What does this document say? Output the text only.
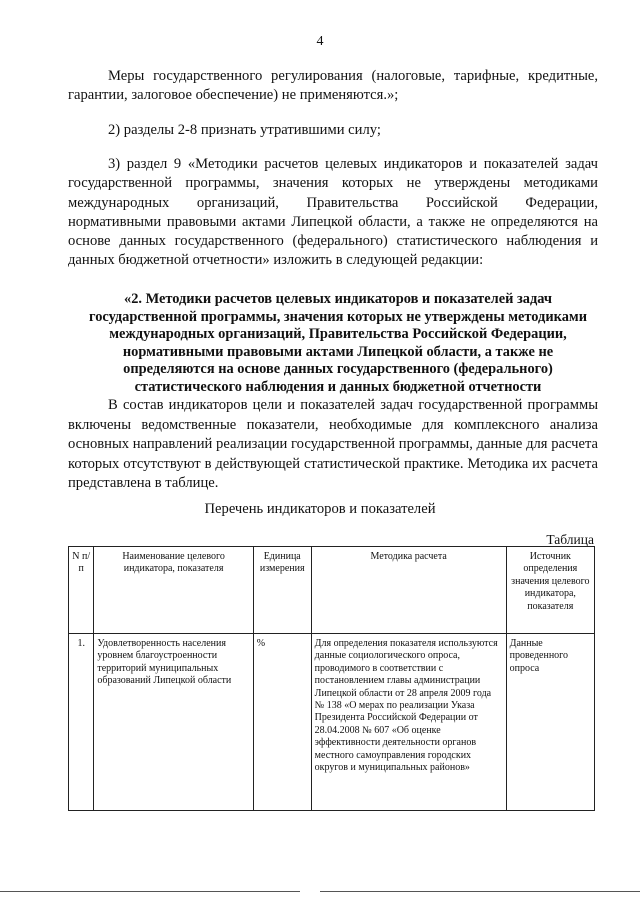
4
Меры государственного регулирования (налоговые, тарифные, кредитные, гарантии, залоговое обеспечение) не применяются.»;
2) разделы 2-8 признать утратившими силу;
3) раздел 9 «Методики расчетов целевых индикаторов и показателей задач государственной программы, значения которых не утверждены методиками международных организаций, Правительства Российской Федерации, нормативными правовыми актами Липецкой области, а также не определяются на основе данных государственного (федерального) статистического наблюдения и данных бюджетной отчетности» изложить в следующей редакции:
«2. Методики расчетов целевых индикаторов и показателей задач государственной программы, значения которых не утверждены методиками международных организаций, Правительства Российской Федерации, нормативными правовыми актами Липецкой области, а также не определяются на основе данных государственного (федерального) статистического наблюдения и данных бюджетной отчетности
В состав индикаторов цели и показателей задач государственной программы включены ведомственные показатели, необходимые для комплексного анализа основных направлений реализации государственной программы, данные для расчета которых отсутствуют в действующей статистической практике. Методика их расчета представлена в таблице.
Перечень индикаторов и показателей
Таблица
N п/п	Наименование целевого индикатора, показателя	Единица измерения	Методика расчета	Источник определения значения целевого индикатора, показателя
1.	Удовлетворенность населения уровнем благоустроенности территорий муниципальных образований Липецкой области	%	Для определения показателя используются данные социологического опроса, проводимого в соответствии с постановлением главы администрации Липецкой области от 28 апреля 2009 года № 138 «О мерах по реализации Указа Президента Российской Федерации от 28.04.2008 № 607 «Об оценке эффективности деятельности органов местного самоуправления городских округов и муниципальных районов»	Данные проведенного опроса
